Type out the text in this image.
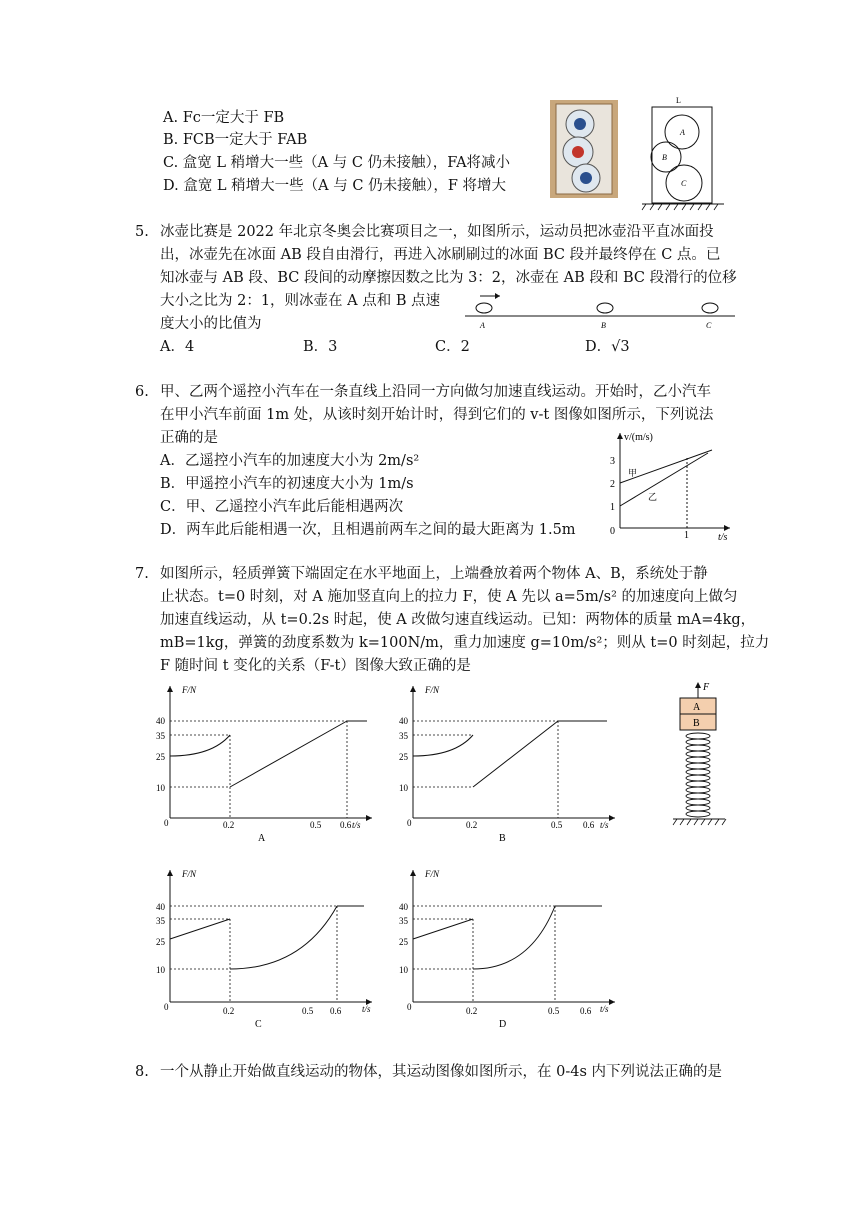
A. Fc一定大于 FB
B. FCB一定大于 FAB
C. 盒宽 L 稍增大一些（A 与 C 仍未接触），FA将减小
D. 盒宽 L 稍增大一些（A 与 C 仍未接触），F 将增大
L
A
B
C
5. 冰壶比赛是 2022 年北京冬奥会比赛项目之一，如图所示，运动员把冰壶沿平直冰面投
出，冰壶先在冰面 AB 段自由滑行，再进入冰刷刷过的冰面 BC 段并最终停在 C 点。已
知冰壶与 AB 段、BC 段间的动摩擦因数之比为 3：2，冰壶在 AB 段和 BC 段滑行的位移
大小之比为 2：1，则冰壶在 A 点和 B 点速
度大小的比值为
A．4	B．3	C．2	D．√3
A	B	C
6. 甲、乙两个遥控小汽车在一条直线上沿同一方向做匀加速直线运动。开始时，乙小汽车
在甲小汽车前面 1m 处，从该时刻开始计时，得到它们的 v-t 图像如图所示，下列说法
正确的是
A．乙遥控小汽车的加速度大小为 2m/s²
B．甲遥控小汽车的初速度大小为 1m/s
C．甲、乙遥控小汽车此后能相遇两次
D．两车此后能相遇一次，且相遇前两车之间的最大距离为 1.5m
v/(m/s)
t/s
3
2
1
0	1
甲
乙
7. 如图所示，轻质弹簧下端固定在水平地面上，上端叠放着两个物体 A、B，系统处于静
止状态。t=0 时刻，对 A 施加竖直向上的拉力 F，使 A 先以 a=5m/s² 的加速度向上做匀
加速直线运动，从 t=0.2s 时起，使 A 改做匀速直线运动。已知：两物体的质量 mA=4kg，
mB=1kg，弹簧的劲度系数为 k=100N/m，重力加速度 g=10m/s²；则从 t=0 时刻起，拉力
F 随时间 t 变化的关系（F-t）图像大致正确的是
F/N
t/s
40
35
25
10
0	0.2	0.5 0.6
A
F/N
t/s
40
35
25
10
0	0.2	0.5 0.6
B
F
A
B
F/N
t/s
40
35
25
10
0	0.2	0.5 0.6
C
F/N
t/s
40
35
25
10
0	0.2	0.5 0.6
D
8. 一个从静止开始做直线运动的物体，其运动图像如图所示，在 0-4s 内下列说法正确的是
